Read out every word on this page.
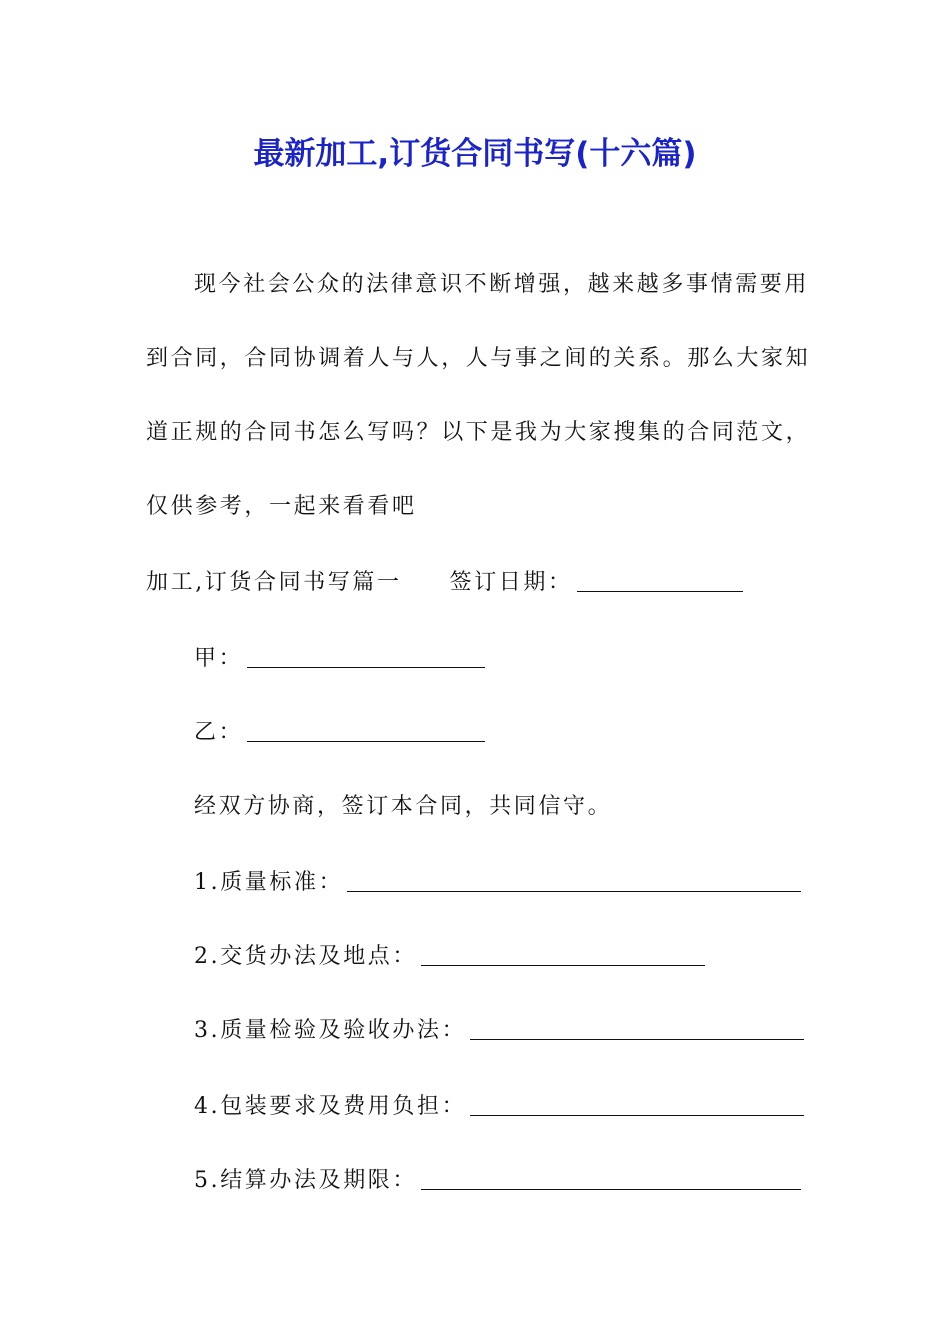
最新加工,订货合同书写(十六篇)
现今社会公众的法律意识不断增强，越来越多事情需要用
到合同，合同协调着人与人，人与事之间的关系。那么大家知
道正规的合同书怎么写吗？以下是我为大家搜集的合同范文，
仅供参考，一起来看看吧
加工,订货合同书写篇一 签订日期：
甲：
乙：
经双方协商，签订本合同，共同信守。
1.质量标准：
2.交货办法及地点：
3.质量检验及验收办法：
4.包装要求及费用负担：
5.结算办法及期限：
